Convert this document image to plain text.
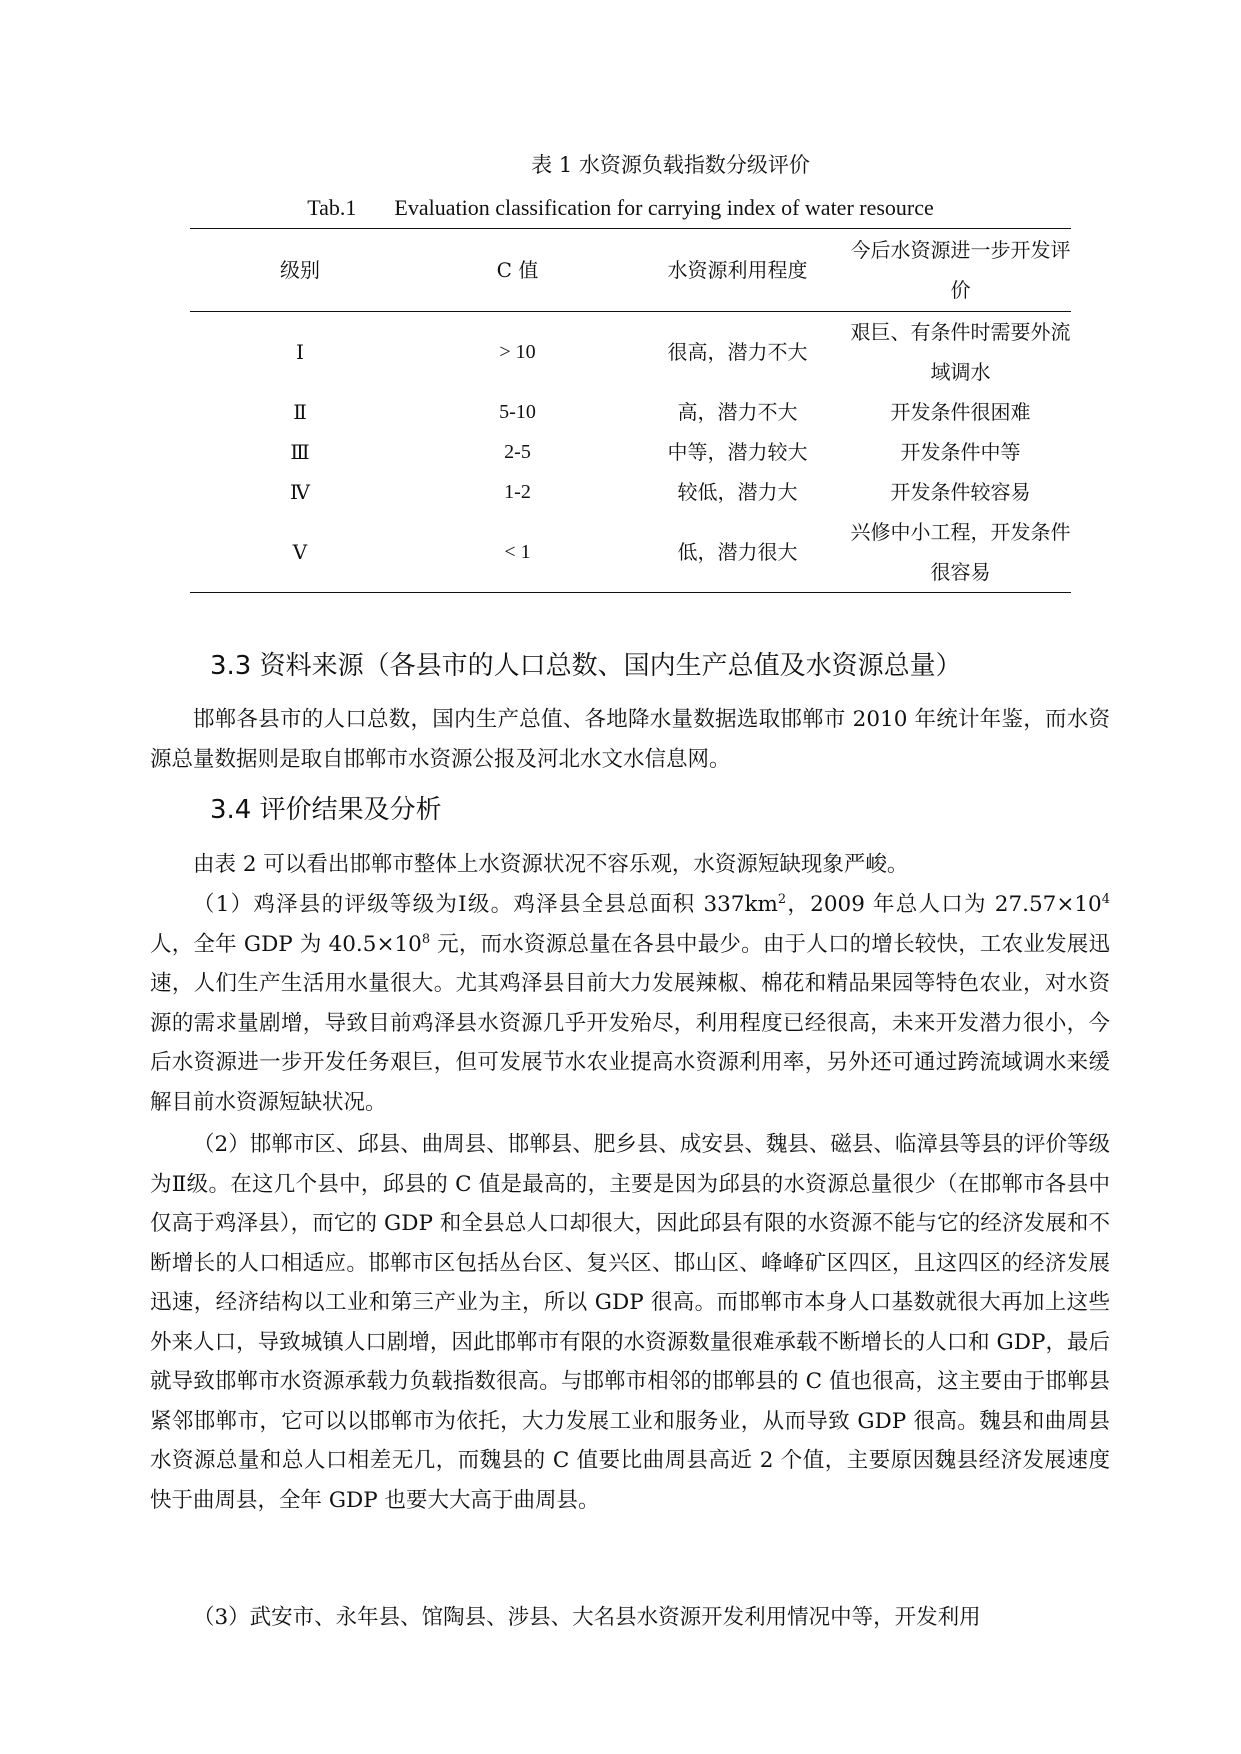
表 1 水资源负载指数分级评价
Tab.1 Evaluation classification for carrying index of water resource
级别	C 值	水资源利用程度	今后水资源进一步开发评价
Ⅰ	> 10	很高，潜力不大	艰巨、有条件时需要外流域调水
Ⅱ	5-10	高，潜力不大	开发条件很困难
Ⅲ	2-5	中等，潜力较大	开发条件中等
Ⅳ	1-2	较低，潜力大	开发条件较容易
Ⅴ	< 1	低，潜力很大	兴修中小工程，开发条件很容易
3.3 资料来源（各县市的人口总数、国内生产总值及水资源总量）

邯郸各县市的人口总数，国内生产总值、各地降水量数据选取邯郸市 2010 年统计年鉴，而水资源总量数据则是取自邯郸市水资源公报及河北水文水信息网。

3.4 评价结果及分析

由表 2 可以看出邯郸市整体上水资源状况不容乐观，水资源短缺现象严峻。

（1）鸡泽县的评级等级为Ⅰ级。鸡泽县全县总面积 $337km^2$，2009 年总人口为 $27.57\times 10^4$ 人，全年 GDP 为 $40.5\times 10^8$ 元，而水资源总量在各县中最少。由于人口的增长较快，工农业发展迅速，人们生产生活用水量很大。尤其鸡泽县目前大力发展辣椒、棉花和精品果园等特色农业，对水资源的需求量剧增，导致目前鸡泽县水资源几乎开发殆尽，利用程度已经很高，未来开发潜力很小，今后水资源进一步开发任务艰巨，但可发展节水农业提高水资源利用率，另外还可通过跨流域调水来缓解目前水资源短缺状况。

（2）邯郸市区、邱县、曲周县、邯郸县、肥乡县、成安县、魏县、磁县、临漳县等县的评价等级为Ⅱ级。在这几个县中，邱县的 C 值是最高的，主要是因为邱县的水资源总量很少（在邯郸市各县中仅高于鸡泽县），而它的 GDP 和全县总人口却很大，因此邱县有限的水资源不能与它的经济发展和不断增长的人口相适应。邯郸市区包括丛台区、复兴区、邯山区、峰峰矿区四区，且这四区的经济发展迅速，经济结构以工业和第三产业为主，所以 GDP 很高。而邯郸市本身人口基数就很大再加上这些外来人口，导致城镇人口剧增，因此邯郸市有限的水资源数量很难承载不断增长的人口和 GDP，最后就导致邯郸市水资源承载力负载指数很高。与邯郸市相邻的邯郸县的 C 值也很高，这主要由于邯郸县紧邻邯郸市，它可以以邯郸市为依托，大力发展工业和服务业，从而导致 GDP 很高。魏县和曲周县水资源总量和总人口相差无几，而魏县的 C 值要比曲周县高近 2 个值，主要原因魏县经济发展速度快于曲周县，全年 GDP 也要大大高于曲周县。

（3）武安市、永年县、馆陶县、涉县、大名县水资源开发利用情况中等，开发利用
